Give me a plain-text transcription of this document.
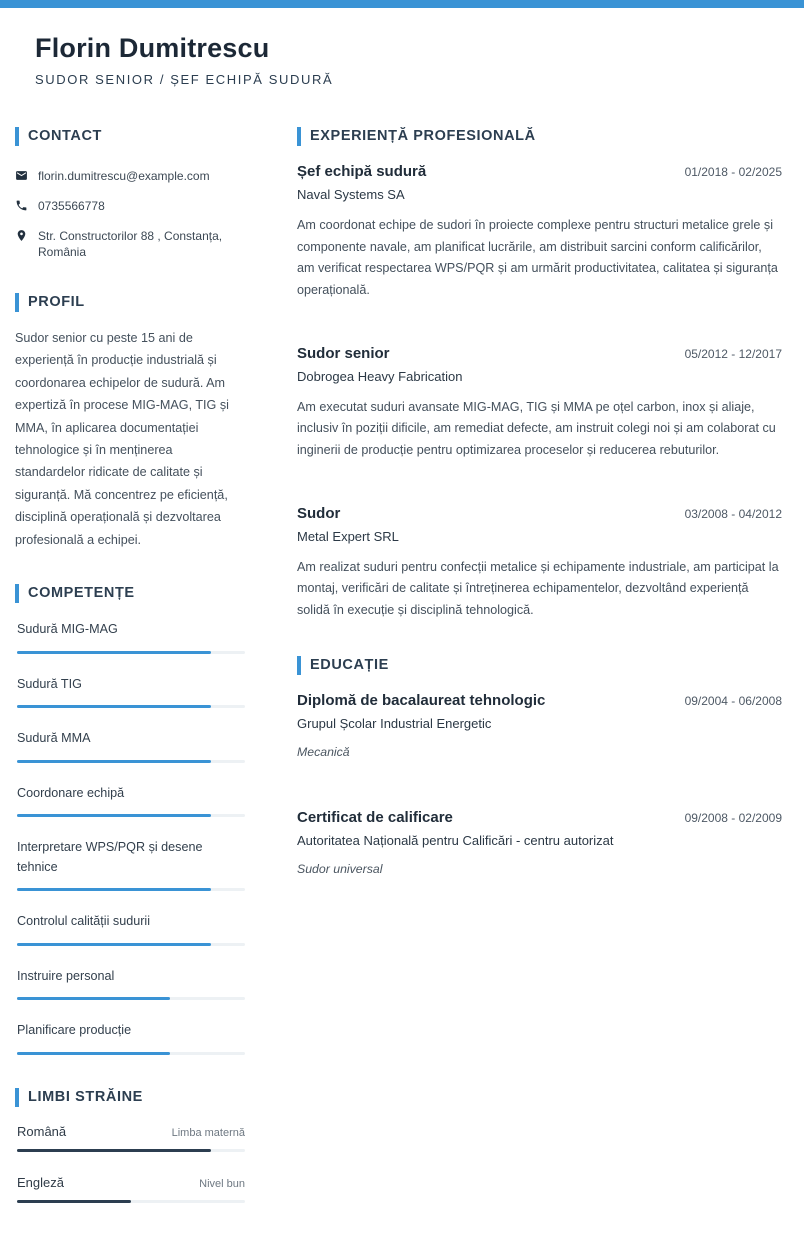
Florin Dumitrescu
SUDOR SENIOR / ȘEF ECHIPĂ SUDURĂ
CONTACT
florin.dumitrescu@example.com
0735566778
Str. Constructorilor 88 , Constanța, România
PROFIL
Sudor senior cu peste 15 ani de experiență în producție industrială și coordonarea echipelor de sudură. Am expertiză în procese MIG-MAG, TIG și MMA, în aplicarea documentației tehnologice și în menținerea standardelor ridicate de calitate și siguranță. Mă concentrez pe eficiență, disciplină operațională și dezvoltarea profesională a echipei.
COMPETENȚE
Sudură MIG-MAG
Sudură TIG
Sudură MMA
Coordonare echipă
Interpretare WPS/PQR și desene tehnice
Controlul calității sudurii
Instruire personal
Planificare producție
LIMBI STRĂINE
Română	Limba maternă
Engleză	Nivel bun
EXPERIENȚĂ PROFESIONALĂ
Șef echipă sudură	01/2018 - 02/2025
Naval Systems SA
Am coordonat echipe de sudori în proiecte complexe pentru structuri metalice grele și componente navale, am planificat lucrările, am distribuit sarcini conform calificărilor, am verificat respectarea WPS/PQR și am urmărit productivitatea, calitatea și siguranța operațională.
Sudor senior	05/2012 - 12/2017
Dobrogea Heavy Fabrication
Am executat suduri avansate MIG-MAG, TIG și MMA pe oțel carbon, inox și aliaje, inclusiv în poziții dificile, am remediat defecte, am instruit colegi noi și am colaborat cu inginerii de producție pentru optimizarea proceselor și reducerea rebuturilor.
Sudor	03/2008 - 04/2012
Metal Expert SRL
Am realizat suduri pentru confecții metalice și echipamente industriale, am participat la montaj, verificări de calitate și întreținerea echipamentelor, dezvoltând experiență solidă în execuție și disciplină tehnologică.
EDUCAȚIE
Diplomă de bacalaureat tehnologic	09/2004 - 06/2008
Grupul Școlar Industrial Energetic
Mecanică
Certificat de calificare	09/2008 - 02/2009
Autoritatea Națională pentru Calificări - centru autorizat
Sudor universal
